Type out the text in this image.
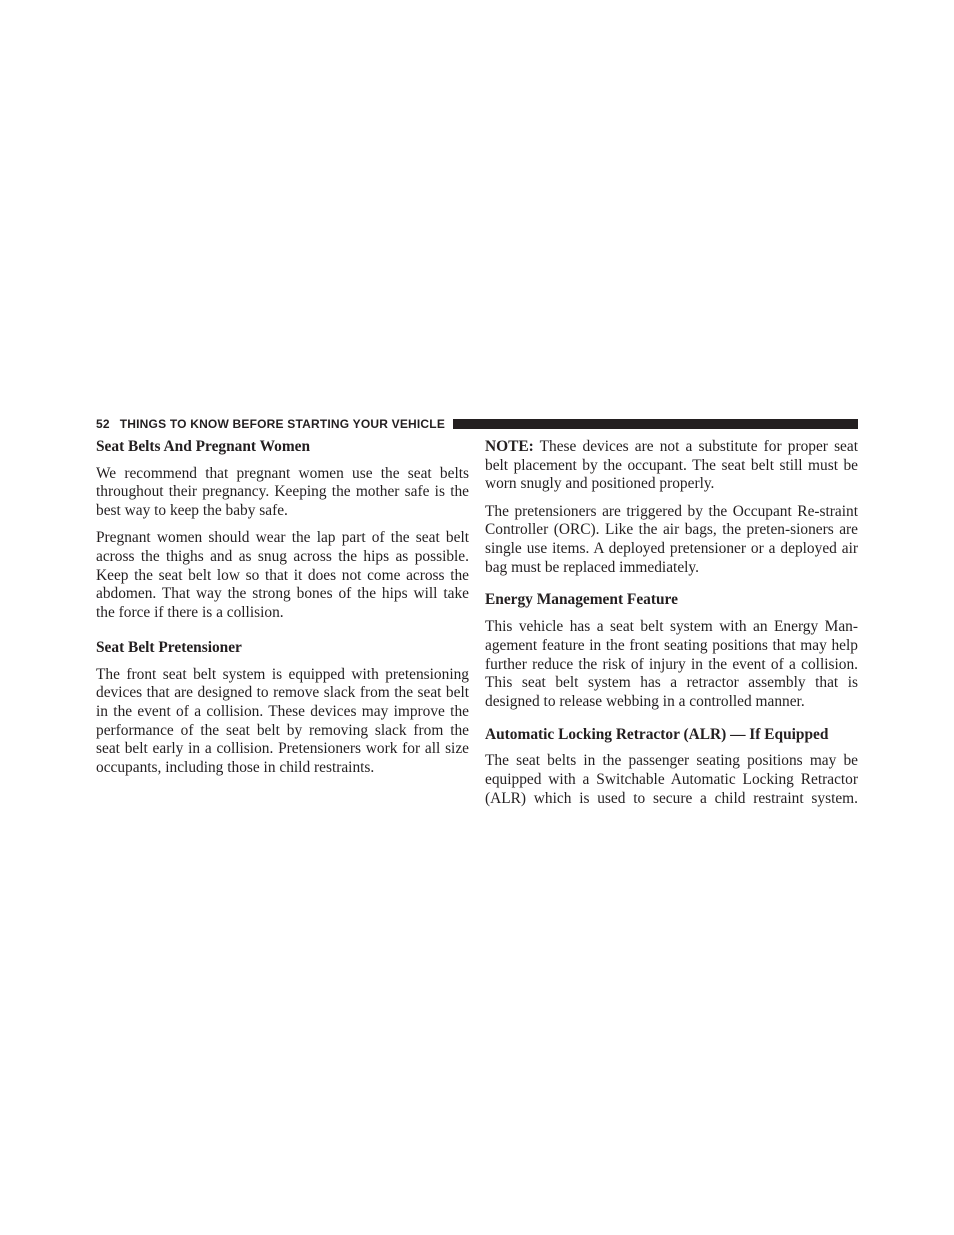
52 THINGS TO KNOW BEFORE STARTING YOUR VEHICLE
Seat Belts And Pregnant Women

We recommend that pregnant women use the seat belts throughout their pregnancy. Keeping the mother safe is the best way to keep the baby safe.

Pregnant women should wear the lap part of the seat belt across the thighs and as snug across the hips as possible. Keep the seat belt low so that it does not come across the abdomen. That way the strong bones of the hips will take the force if there is a collision.

Seat Belt Pretensioner

The front seat belt system is equipped with pretensioning devices that are designed to remove slack from the seat belt in the event of a collision. These devices may improve the performance of the seat belt by removing slack from the seat belt early in a collision. Pretensioners work for all size occupants, including those in child restraints.

NOTE: These devices are not a substitute for proper seat belt placement by the occupant. The seat belt still must be worn snugly and positioned properly.

The pretensioners are triggered by the Occupant Re-straint Controller (ORC). Like the air bags, the preten-sioners are single use items. A deployed pretensioner or a deployed air bag must be replaced immediately.

Energy Management Feature

This vehicle has a seat belt system with an Energy Man-agement feature in the front seating positions that may help further reduce the risk of injury in the event of a collision. This seat belt system has a retractor assembly that is designed to release webbing in a controlled manner.

Automatic Locking Retractor (ALR) — If Equipped

The seat belts in the passenger seating positions may be equipped with a Switchable Automatic Locking Retractor (ALR) which is used to secure a child restraint system.
